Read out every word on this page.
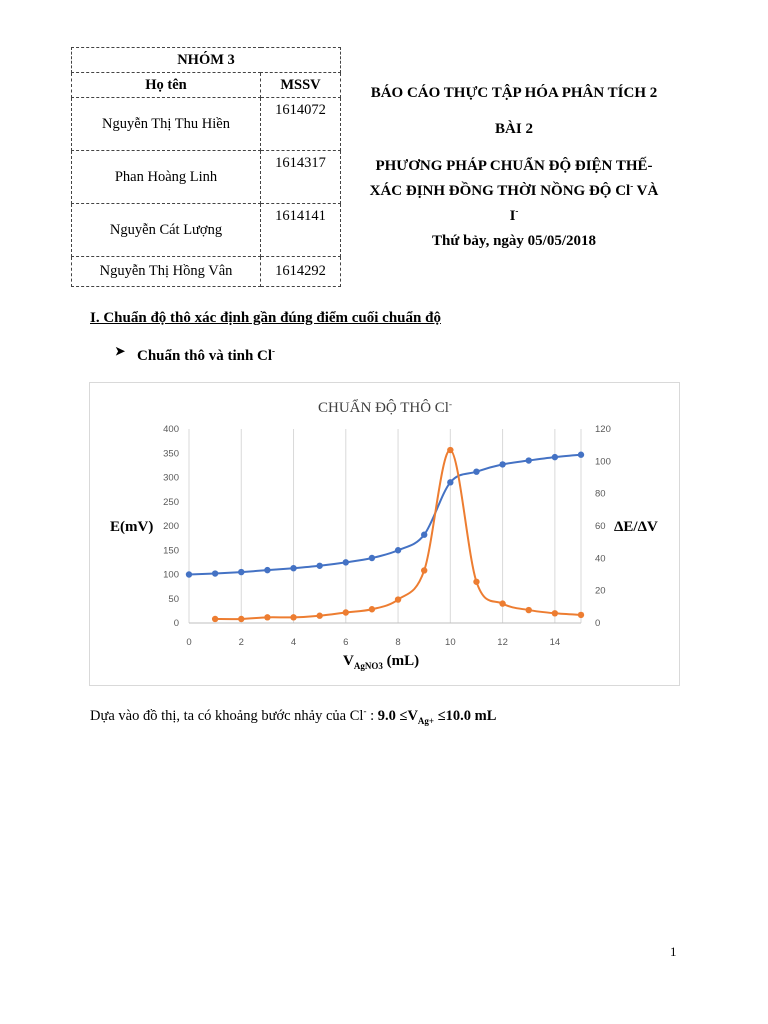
NHÓM 3	
Họ tên	MSSV
Nguyễn Thị Thu Hiền	1614072
Phan Hoàng Linh	1614317
Nguyễn Cát Lượng	1614141
Nguyễn Thị Hồng Vân	1614292
BÁO CÁO THỰC TẬP HÓA PHÂN TÍCH 2
BÀI 2
PHƯƠNG PHÁP CHUẨN ĐỘ ĐIỆN THẾ-
XÁC ĐỊNH ĐỒNG THỜI NỒNG ĐỘ Cl- VÀ
I-
Thứ bảy, ngày 05/05/2018
I. Chuẩn độ thô xác định gần đúng điểm cuối chuẩn độ
➤ Chuẩn thô và tinh Cl-
CHUẨN ĐỘ THÔ Cl-
E(mV)	ΔE/ΔV
$V_{AgNO3}$ (mL)
0	2	4	6	8	10	12	14
0
50
100
150
200
250
300
350
400
0
20
40
60
80
100
120
Dựa vào đồ thị, ta có khoảng bước nhảy của Cl- : $9.0 \le V_{Ag+} \le 10.0$ mL
1
